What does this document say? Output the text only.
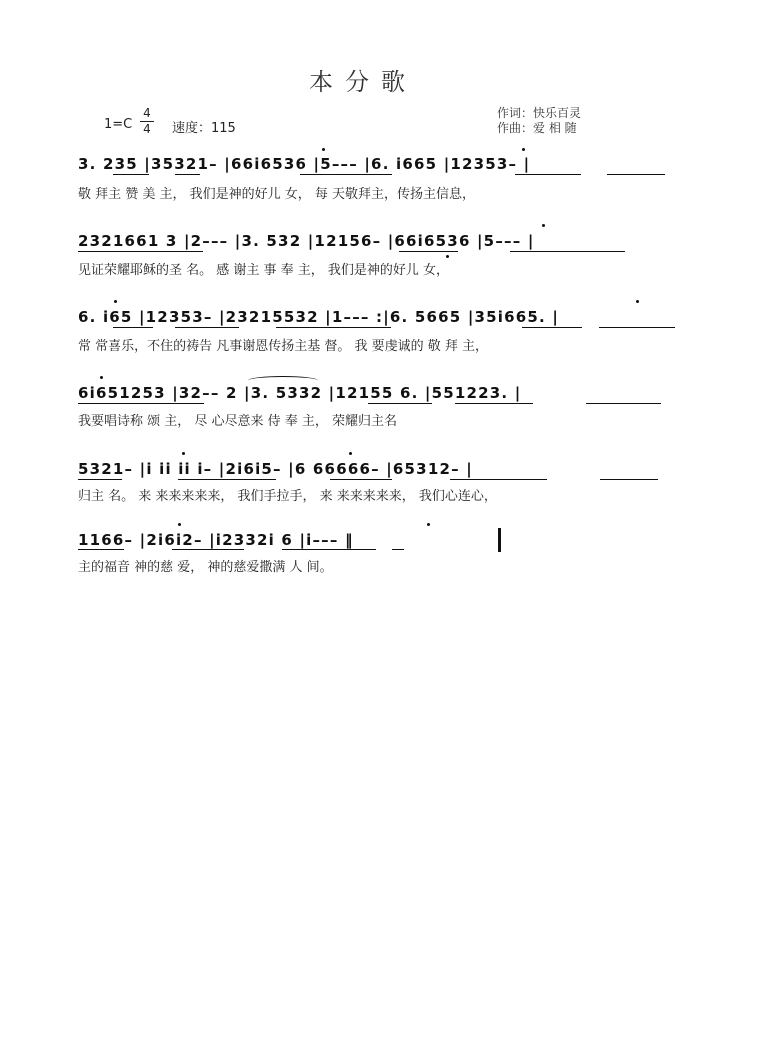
本分歌
1=C
4
4 速度：115
作词：快乐百灵
作曲：爱 相 随
3. 235 |35321– |66i6536 |5––– |6. i665 |12353– |
敬 拜主 赞 美 主， 我们是神的好儿 女， 每 天敬拜主，传扬主信息，
2321661 3 |2––– |3. 532 |12156– |66i6536 |5––– |
见证荣耀耶稣的圣 名。 感 谢主 事 奉 主， 我们是神的好儿 女，
6. i65 |12353– |23215532 |1––– :|6. 5665 |35i665. |
常 常喜乐，不住的祷告 凡事谢恩传扬主基 督。 我 要虔诚的 敬 拜 主，
6i651253 |32–– 2 |3. 5332 |12155 6. |551223. |
我要唱诗称 颂 主， 尽 心尽意来 侍 奉 主， 荣耀归主名
5321– |i ii ii i– |2i6i5– |6 66666– |65312– |
归主 名。 来 来来来来来， 我们手拉手， 来 来来来来来， 我们心连心，
1166– |2i6i2– |i2332i 6 |i––– ‖
主的福音 神的慈 爱， 神的慈爱撒满 人 间。
